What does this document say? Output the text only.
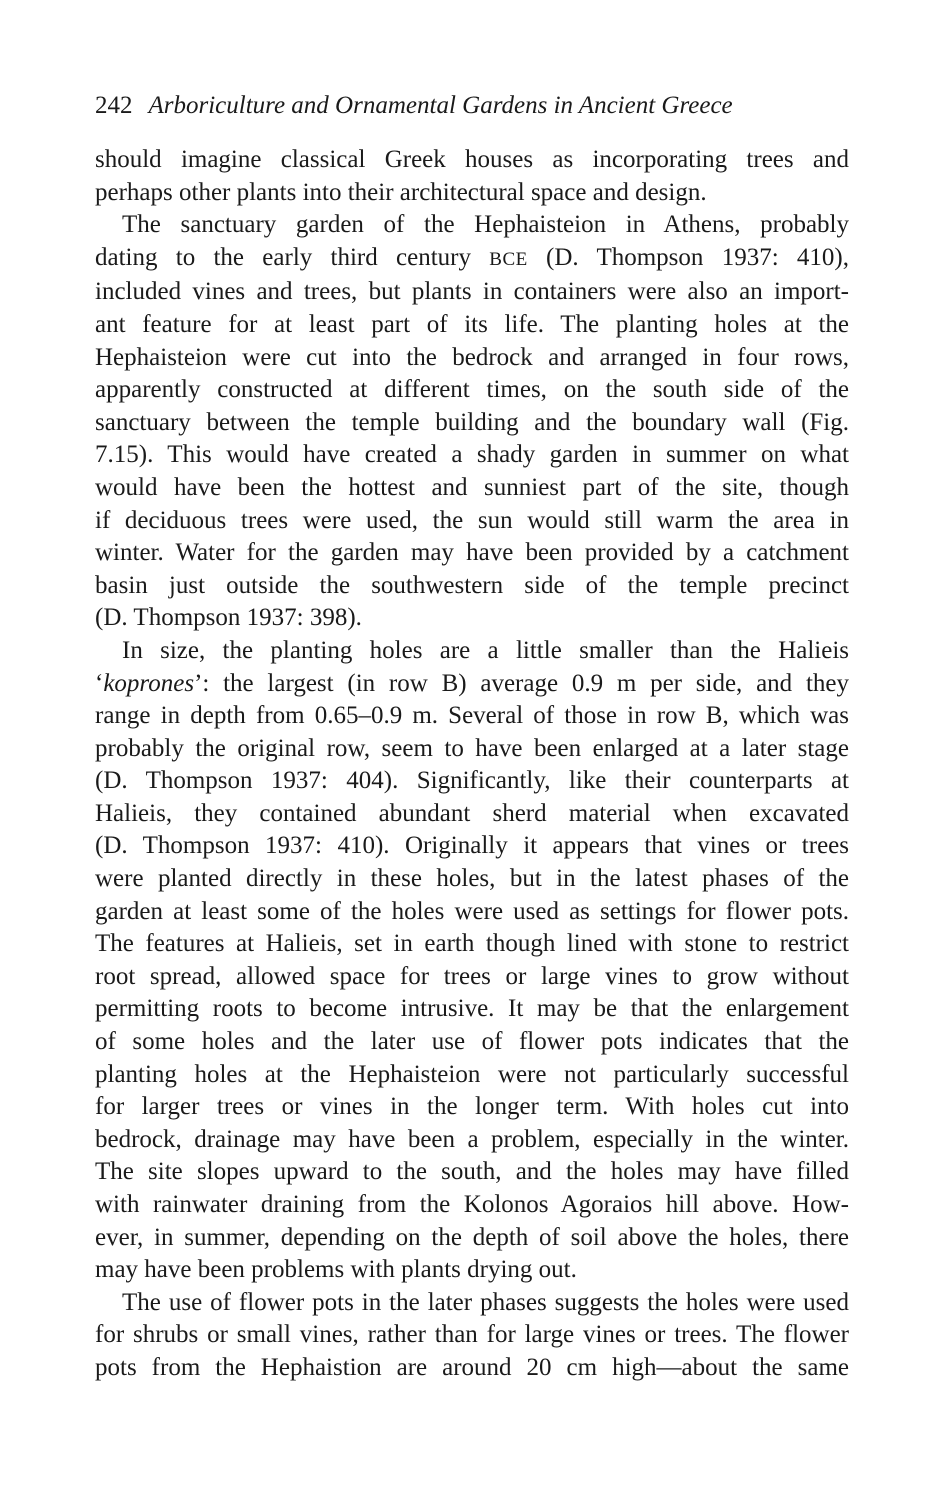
242 Arboriculture and Ornamental Gardens in Ancient Greece

should imagine classical Greek houses as incorporating trees and
perhaps other plants into their architectural space and design.

The sanctuary garden of the Hephaisteion in Athens, probably
dating to the early third century BCE (D. Thompson 1937: 410),
included vines and trees, but plants in containers were also an import-
ant feature for at least part of its life. The planting holes at the
Hephaisteion were cut into the bedrock and arranged in four rows,
apparently constructed at different times, on the south side of the
sanctuary between the temple building and the boundary wall (Fig.
7.15). This would have created a shady garden in summer on what
would have been the hottest and sunniest part of the site, though
if deciduous trees were used, the sun would still warm the area in
winter. Water for the garden may have been provided by a catchment
basin just outside the southwestern side of the temple precinct
(D. Thompson 1937: 398).

In size, the planting holes are a little smaller than the Halieis
‘koprones’: the largest (in row B) average 0.9 m per side, and they
range in depth from 0.65–0.9 m. Several of those in row B, which was
probably the original row, seem to have been enlarged at a later stage
(D. Thompson 1937: 404). Significantly, like their counterparts at
Halieis, they contained abundant sherd material when excavated
(D. Thompson 1937: 410). Originally it appears that vines or trees
were planted directly in these holes, but in the latest phases of the
garden at least some of the holes were used as settings for flower pots.
The features at Halieis, set in earth though lined with stone to restrict
root spread, allowed space for trees or large vines to grow without
permitting roots to become intrusive. It may be that the enlargement
of some holes and the later use of flower pots indicates that the
planting holes at the Hephaisteion were not particularly successful
for larger trees or vines in the longer term. With holes cut into
bedrock, drainage may have been a problem, especially in the winter.
The site slopes upward to the south, and the holes may have filled
with rainwater draining from the Kolonos Agoraios hill above. How-
ever, in summer, depending on the depth of soil above the holes, there
may have been problems with plants drying out.

The use of flower pots in the later phases suggests the holes were used
for shrubs or small vines, rather than for large vines or trees. The flower
pots from the Hephaistion are around 20 cm high—about the same
